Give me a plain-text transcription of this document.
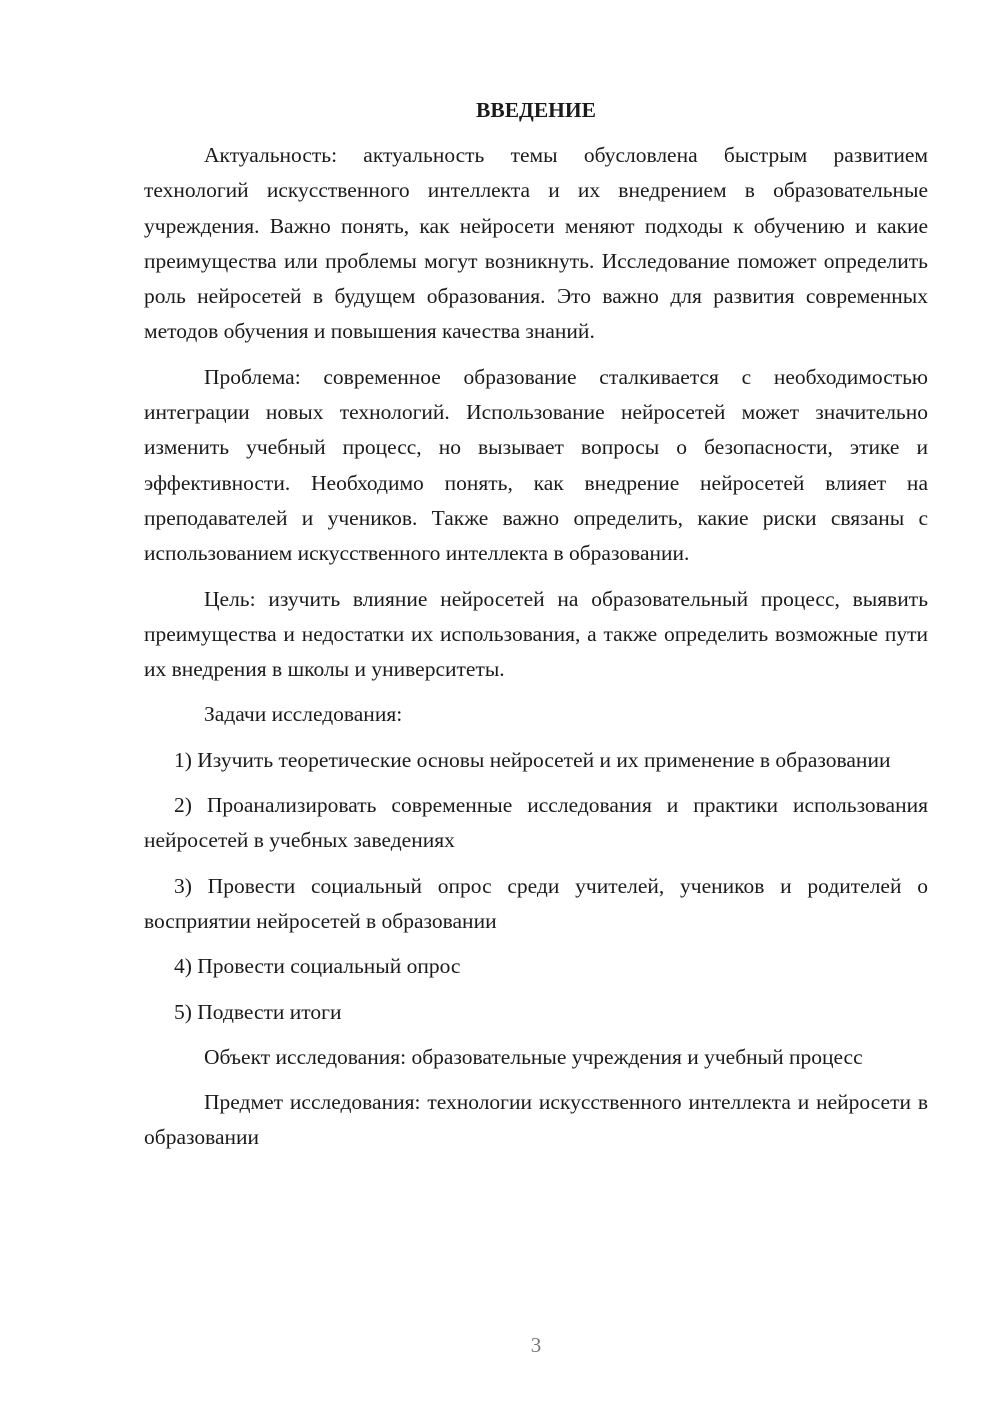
ВВЕДЕНИЕ

Актуальность: актуальность темы обусловлена быстрым развитием технологий искусственного интеллекта и их внедрением в образовательные учреждения. Важно понять, как нейросети меняют подходы к обучению и какие преимущества или проблемы могут возникнуть. Исследование поможет определить роль нейросетей в будущем образования. Это важно для развития современных методов обучения и повышения качества знаний.

Проблема: современное образование сталкивается с необходимостью интеграции новых технологий. Использование нейросетей может значительно изменить учебный процесс, но вызывает вопросы о безопасности, этике и эффективности. Необходимо понять, как внедрение нейросетей влияет на преподавателей и учеников. Также важно определить, какие риски связаны с использованием искусственного интеллекта в образовании.

Цель: изучить влияние нейросетей на образовательный процесс, выявить преимущества и недостатки их использования, а также определить возможные пути их внедрения в школы и университеты.

Задачи исследования:

1) Изучить теоретические основы нейросетей и их применение в образовании

2) Проанализировать современные исследования и практики использования нейросетей в учебных заведениях

3) Провести социальный опрос среди учителей, учеников и родителей о восприятии нейросетей в образовании

4) Провести социальный опрос

5) Подвести итоги

Объект исследования: образовательные учреждения и учебный процесс

Предмет исследования: технологии искусственного интеллекта и нейросети в образовании

3
